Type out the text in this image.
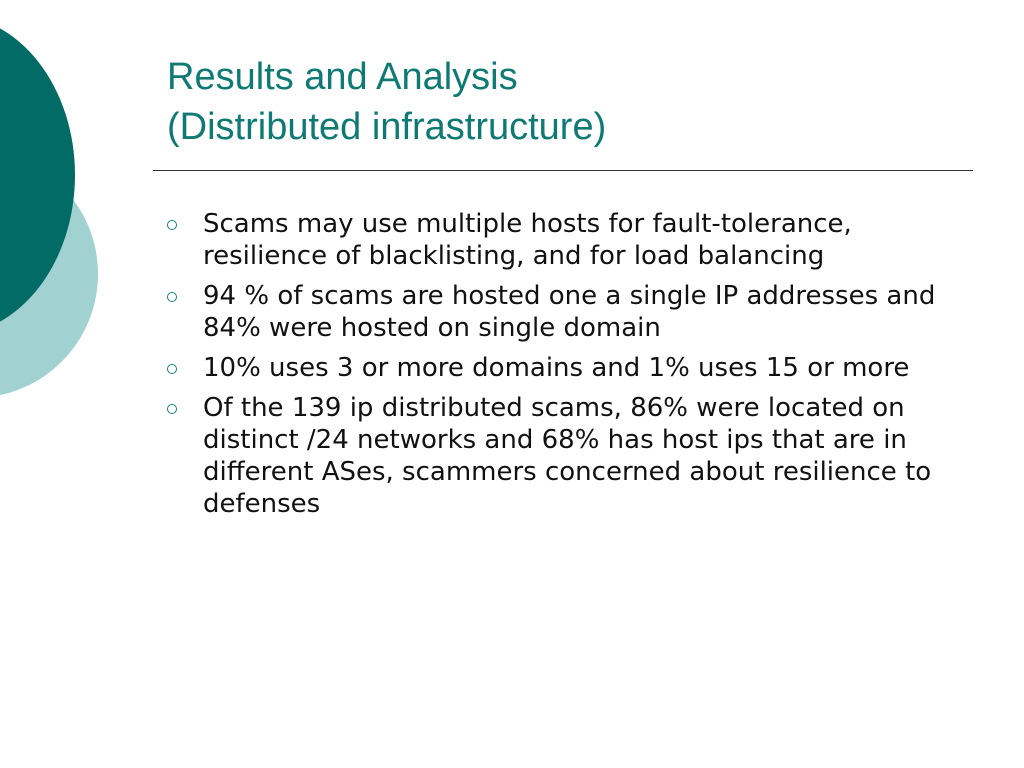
Results and Analysis
(Distributed infrastructure)
Scams may use multiple hosts for fault-tolerance, resilience of blacklisting, and for load balancing
94 % of scams are hosted one a single IP addresses and 84% were hosted on single domain
10% uses 3 or more domains and 1% uses 15 or more
Of the 139 ip distributed scams, 86% were located on distinct /24 networks and 68% has host ips that are in different ASes, scammers concerned about resilience to defenses
